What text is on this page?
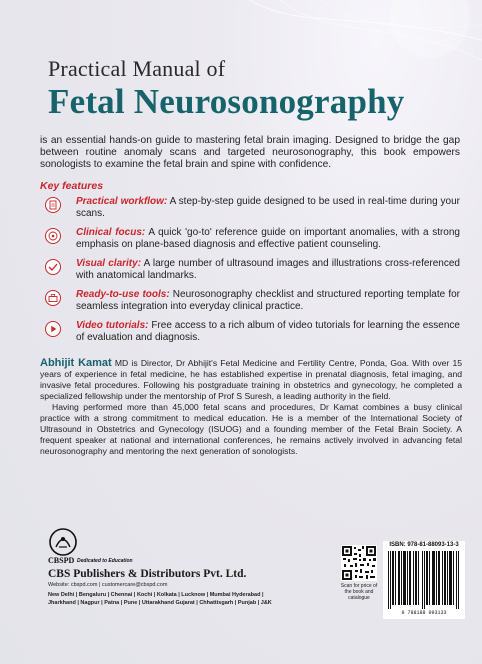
Practical Manual of
Fetal Neurosonography
is an essential hands-on guide to mastering fetal brain imaging. Designed to bridge the gap between routine anomaly scans and targeted neurosonography, this book empowers sonologists to examine the fetal brain and spine with confidence.
Key features
Practical workflow: A step-by-step guide designed to be used in real-time during your scans.
Clinical focus: A quick 'go-to' reference guide on important anomalies, with a strong emphasis on plane-based diagnosis and effective patient counseling.
Visual clarity: A large number of ultrasound images and illustrations cross-referenced with anatomical landmarks.
Ready-to-use tools: Neurosonography checklist and structured reporting template for seamless integration into everyday clinical practice.
Video tutorials: Free access to a rich album of video tutorials for learning the essence of evaluation and diagnosis.

Abhijit Kamat MD is Director, Dr Abhijit's Fetal Medicine and Fertility Centre, Ponda, Goa. With over 15 years of experience in fetal medicine, he has established expertise in prenatal diagnosis, fetal imaging, and invasive fetal procedures. Following his postgraduate training in obstetrics and gynecology, he completed a specialized fellowship under the mentorship of Prof S Suresh, a leading authority in the field.

Having performed more than 45,000 fetal scans and procedures, Dr Kamat combines a busy clinical practice with a strong commitment to medical education. He is a member of the International Society of Ultrasound in Obstetrics and Gynecology (ISUOG) and a founding member of the Fetal Brain Society. A frequent speaker at national and international conferences, he remains actively involved in advancing fetal neurosonography and mentoring the next generation of sonologists.

CBSPD Dedicated to Education
CBS Publishers & Distributors Pvt. Ltd.
Website: cbspd.com | customercare@cbspd.com
New Delhi | Bengaluru | Chennai | Kochi | Kolkata | Lucknow | Mumbai Hyderabad | Jharkhand | Nagpur | Patna | Pune | Uttarakhand Gujarat | Chhattisgarh | Punjab | J&K
Scan for price of the book and catalogue
ISBN: 978-81-88093-13-3
9 788188 093133
